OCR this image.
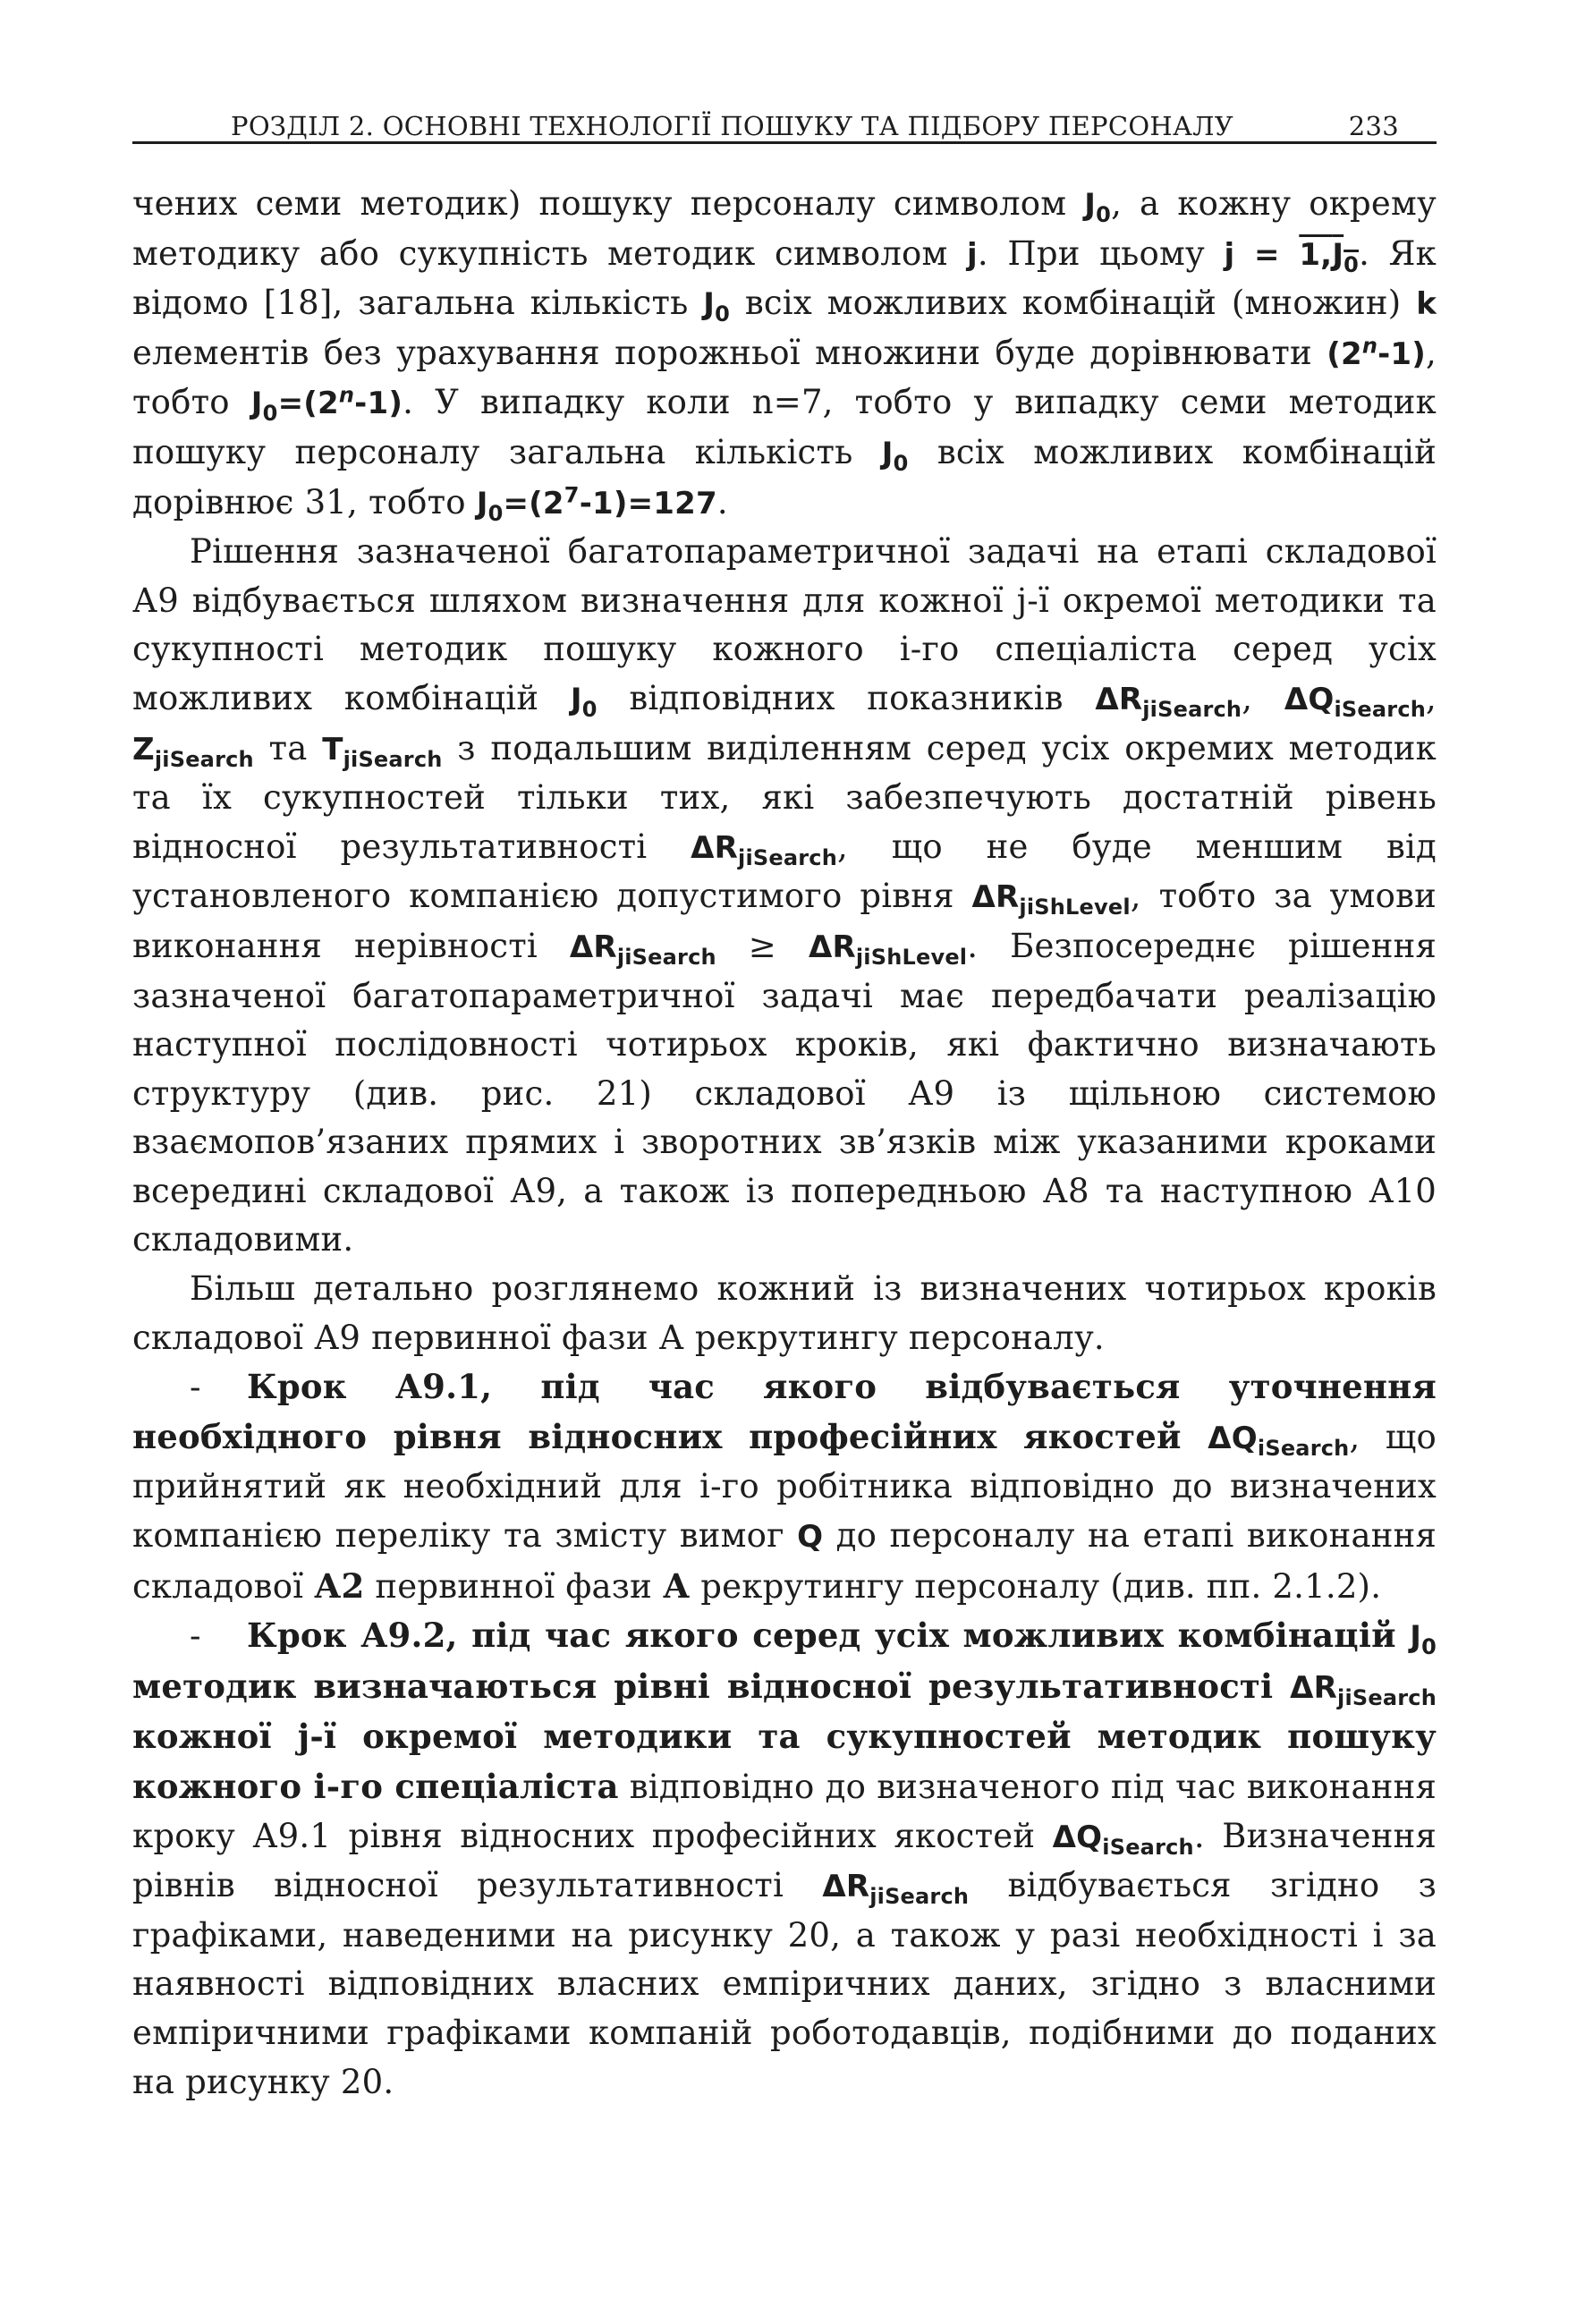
РОЗДІЛ 2. ОСНОВНІ ТЕХНОЛОГІЇ ПОШУКУ ТА ПІДБОРУ ПЕРСОНАЛУ	233

чених семи методик) пошуку персоналу символом $J_0$, а кожну окрему методику або сукупність методик символом j. При цьому $j = 1,J_0$. Як відомо [18], загальна кількість $J_0$ всіх можливих комбінацій (множин) k елементів без урахування порожньої множини буде дорівнювати (2$^n$-1), тобто $J_0=(2^n-1)$. У випадку коли n=7, тобто у випадку семи методик пошуку персоналу загальна кількість $J_0$ всіх можливих комбінацій дорівнює 31, тобто $J_0=(2^7-1)=127$.

Рішення зазначеної багатопараметричної задачі на етапі складової А9 відбувається шляхом визначення для кожної j-ї окремої методики та сукупності методик пошуку кожного і-го спеціаліста серед усіх можливих комбінацій $J_0$ відповідних показників $\Delta R_{jiSearch}$, $\Delta Q_{iSearch}$, $Z_{jiSearch}$ та $T_{jiSearch}$ з подальшим виділенням серед усіх окремих методик та їх сукупностей тільки тих, які забезпечують достатній рівень відносної результативності $\Delta R_{jiSearch}$, що не буде меншим від установленого компанією допустимого рівня $\Delta R_{jiShLevel}$, тобто за умови виконання нерівності $\Delta R_{jiSearch} \ge \Delta R_{jiShLevel}$. Безпосереднє рішення зазначеної багатопараметричної задачі має передбачати реалізацію наступної послідовності чотирьох кроків, які фактично визначають структуру (див. рис. 21) складової А9 із щільною системою взаємопов’язаних прямих і зворотних зв’язків між указаними кроками всередині складової А9, а також із попередньою А8 та наступною А10 складовими.

Більш детально розглянемо кожний із визначених чотирьох кроків складової А9 первинної фази А рекрутингу персоналу.

- Крок А9.1, під час якого відбувається уточнення необхідного рівня відносних професійних якостей $\Delta Q_{iSearch}$, що прийнятий як необхідний для і-го робітника відповідно до визначених компанією переліку та змісту вимог Q до персоналу на етапі виконання складової А2 первинної фази А рекрутингу персоналу (див. пп. 2.1.2).

- Крок А9.2, під час якого серед усіх можливих комбінацій $J_0$ методик визначаються рівні відносної результативності $\Delta R_{jiSearch}$ кожної j-ї окремої методики та сукупностей методик пошуку кожного і-го спеціаліста відповідно до визначеного під час виконання кроку А9.1 рівня відносних професійних якостей $\Delta Q_{iSearch}$. Визначення рівнів відносної результативності $\Delta R_{jiSearch}$ відбувається згідно з графіками, наведеними на рисунку 20, а також у разі необхідності і за наявності відповідних власних емпіричних даних, згідно з власними емпіричними графіками компаній роботодавців, подібними до поданих на рисунку 20.
